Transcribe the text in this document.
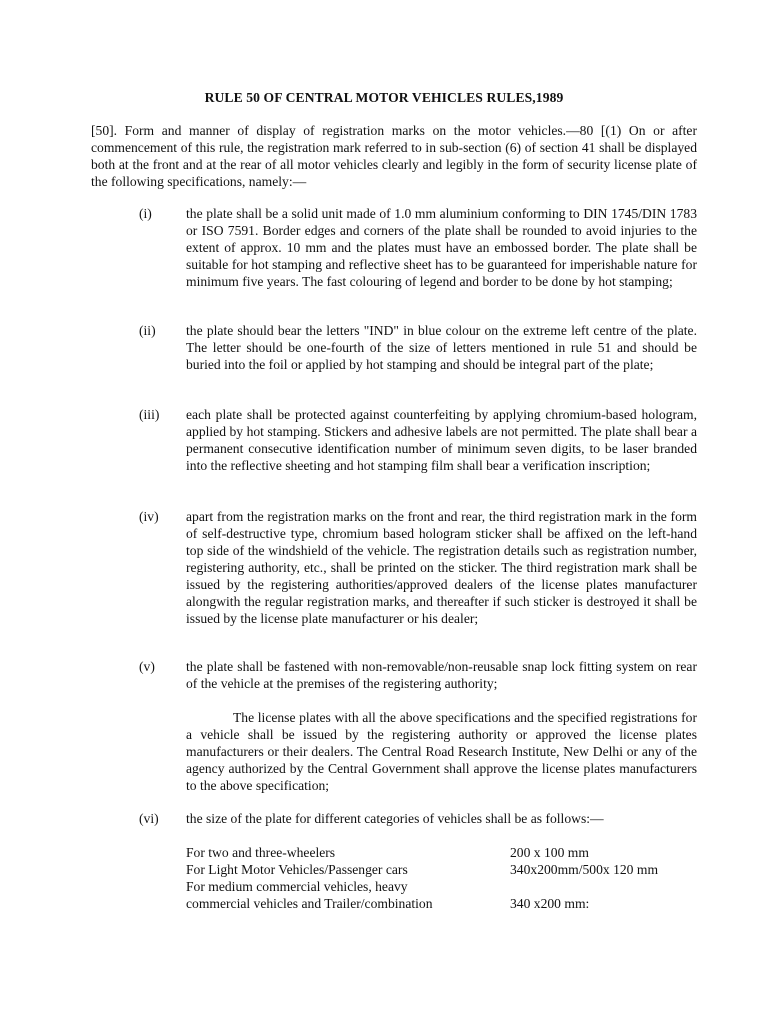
RULE 50 OF CENTRAL MOTOR VEHICLES RULES,1989
[50]. Form and manner of display of registration marks on the motor vehicles.—80 [(1) On or after commencement of this rule, the registration mark referred to in sub-section (6) of section 41 shall be displayed both at the front and at the rear of all motor vehicles clearly and legibly in the form of security license plate of the following specifications, namely:—
(i)	the plate shall be a solid unit made of 1.0 mm aluminium conforming to DIN 1745/DIN 1783 or ISO 7591. Border edges and corners of the plate shall be rounded to avoid injuries to the extent of approx. 10 mm and the plates must have an embossed border. The plate shall be suitable for hot stamping and reflective sheet has to be guaranteed for imperishable nature for minimum five years. The fast colouring of legend and border to be done by hot stamping;
(ii) the plate should bear the letters "IND" in blue colour on the extreme left centre of the plate. The letter should be one-fourth of the size of letters mentioned in rule 51 and should be buried into the foil or applied by hot stamping and should be integral part of the plate;
(iii) each plate shall be protected against counterfeiting by applying chromium-based hologram, applied by hot stamping. Stickers and adhesive labels are not permitted. The plate shall bear a permanent consecutive identification number of minimum seven digits, to be laser branded into the reflective sheeting and hot stamping film shall bear a verification inscription;
(iv) apart from the registration marks on the front and rear, the third registration mark in the form of self-destructive type, chromium based hologram sticker shall be affixed on the left-hand top side of the windshield of the vehicle. The registration details such as registration number, registering authority, etc., shall be printed on the sticker. The third registration mark shall be issued by the registering authorities/approved dealers of the license plates manufacturer alongwith the regular registration marks, and thereafter if such sticker is destroyed it shall be issued by the license plate manufacturer or his dealer;
(v) the plate shall be fastened with non-removable/non-reusable snap lock fitting system on rear of the vehicle at the premises of the registering authority;
The license plates with all the above specifications and the specified registrations for a vehicle shall be issued by the registering authority or approved the license plates manufacturers or their dealers. The Central Road Research Institute, New Delhi or any of the agency authorized by the Central Government shall approve the license plates manufacturers to the above specification;
(vi) the size of the plate for different categories of vehicles shall be as follows:—
For two and three-wheelers	200 x 100 mm
For Light Motor Vehicles/Passenger cars	340x200mm/500x 120 mm
For medium commercial vehicles, heavy
commercial vehicles and Trailer/combination	340 x200 mm:
